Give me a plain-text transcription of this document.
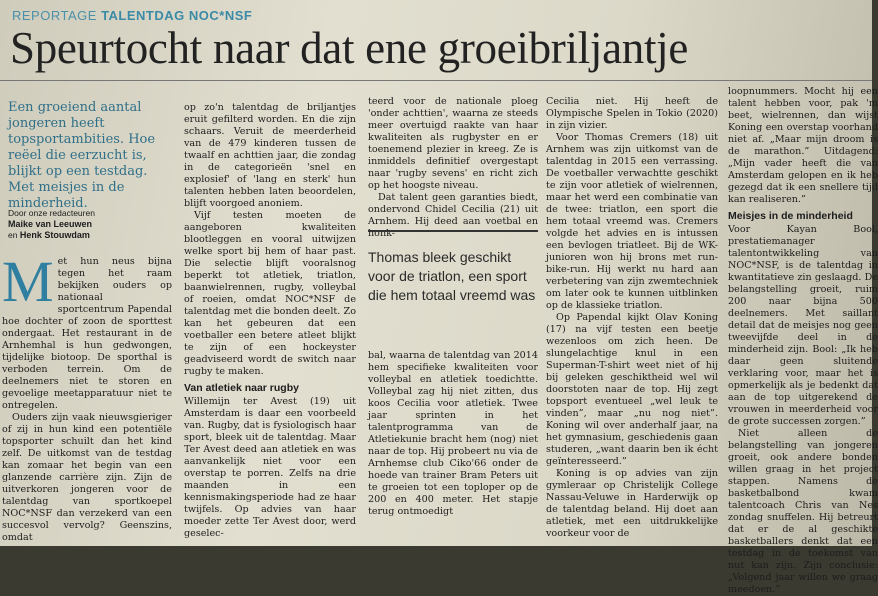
REPORTAGE TALENTDAG NOC*NSF
Speurtocht naar dat ene groeibriljantje
Een groeiend aantal jongeren heeft topsportambities. Hoe reëel die eerzucht is, blijkt op een testdag. Met meisjes in de minderheid.
Door onze redacteuren
Maike van Leeuwen
en Henk Stouwdam

Met hun neus bijna tegen het raam bekijken ouders op nationaal sportcentrum Papendal hoe dochter of zoon de sporttest ondergaat. Het restaurant in de Arnhemhal is hun gedwongen, tijdelijke biotoop. De sporthal is verboden terrein. Om de deelnemers niet te storen en gevoelige meetapparatuur niet te ontregelen.

Ouders zijn vaak nieuwsgieriger of zij in hun kind een potentiële topsporter schuilt dan het kind zelf. De uitkomst van de testdag kan zomaar het begin van een glanzende carrière zijn. Zijn de uitverkoren jongeren voor de talentdag van sportkoepel NOC*NSF dan verzekerd van een succesvol vervolg? Geenszins, omdat

op zo'n talentdag de briljantjes eruit gefilterd worden. En die zijn schaars. Veruit de meerderheid van de 479 kinderen tussen de twaalf en achttien jaar, die zondag in de categorieën 'snel en explosief' of 'lang en sterk' hun talenten hebben laten beoordelen, blijft voorgoed anoniem.

Vijf testen moeten de aangeboren kwaliteiten blootleggen en vooral uitwijzen welke sport bij hem of haar past. Die selectie blijft vooralsnog beperkt tot atletiek, triatlon, baanwielrennen, rugby, volleybal of roeien, omdat NOC*NSF de talentdag met die bonden deelt. Zo kan het gebeuren dat een voetballer een betere atleet blijkt te zijn of een hockeyster geadviseerd wordt de switch naar rugby te maken.

Van atletiek naar rugby

Willemijn ter Avest (19) uit Amsterdam is daar een voorbeeld van. Rugby, dat is fysiologisch haar sport, bleek uit de talentdag. Maar Ter Avest deed aan atletiek en was aanvankelijk niet voor een overstap te porren. Zelfs na drie maanden in een kennismakingsperiode had ze haar twijfels. Op advies van haar moeder zette Ter Avest door, werd geselec-

teerd voor de nationale ploeg 'onder achttien', waarna ze steeds meer overtuigd raakte van haar kwaliteiten als rugbyster en er toenemend plezier in kreeg. Ze is inmiddels definitief overgestapt naar 'rugby sevens' en richt zich op het hoogste niveau.

Dat talent geen garanties biedt, ondervond Chidel Cecilia (21) uit Arnhem. Hij deed aan voetbal en honk-

Thomas bleek geschikt voor de triatlon, een sport die hem totaal vreemd was

bal, waarna de talentdag van 2014 hem specifieke kwaliteiten voor volleybal en atletiek toedichtte. Volleybal zag hij niet zitten, dus koos Cecilia voor atletiek. Twee jaar sprinten in het talentprogramma van de Atletiekunie bracht hem (nog) niet naar de top. Hij probeert nu via de Arnhemse club Ciko'66 onder de hoede van trainer Bram Peters uit te groeien tot een toploper op de 200 en 400 meter. Het stapje terug ontmoedigt

Cecilia niet. Hij heeft de Olympische Spelen in Tokio (2020) in zijn vizier.

Voor Thomas Cremers (18) uit Arnhem was zijn uitkomst van de talentdag in 2015 een verrassing. De voetballer verwachtte geschikt te zijn voor atletiek of wielrennen, maar het werd een combinatie van de twee: triatlon, een sport die hem totaal vreemd was. Cremers volgde het advies en is intussen een bevlogen triatleet. Bij de WK-junioren won hij brons met run-bike-run. Hij werkt nu hard aan verbetering van zijn zwemtechniek om later ook te kunnen uitblinken op de klassieke triatlon.

Op Papendal kijkt Olav Koning (17) na vijf testen een beetje wezenloos om zich heen. De slungelachtige knul in een Superman-T-shirt weet niet of hij bij geleken geschiktheid wel wil doorstoten naar de top. Hij zegt topsport eventueel „wel leuk te vinden”, maar „nu nog niet”. Koning wil over anderhalf jaar, na het gymnasium, geschiedenis gaan studeren, „want daarin ben ik écht geïnteresseerd.”

Koning is op advies van zijn gymleraar op Christelijk College Nassau-Veluwe in Harderwijk op de talentdag beland. Hij doet aan atletiek, met een uitdrukkelijke voorkeur voor de

loopnummers. Mocht hij een talent hebben voor, pak 'm beet, wielrennen, dan wijst Koning een overstap voorhand niet af. „Maar mijn droom is de marathon.” Uitdagend: „Mijn vader heeft die van Amsterdam gelopen en ik heb gezegd dat ik een snellere tijd kan realiseren.”

Meisjes in de minderheid

Voor Kayan Bool, prestatiemanager talentontwikkeling van NOC*NSF, is de talentdag in kwantitatieve zin geslaagd. De belangstelling groeit, ruim 200 naar bijna 500 deelnemers. Met saillant detail dat de meisjes nog geen tweevijfde deel in de minderheid zijn. Bool: „Ik heb daar geen sluitende verklaring voor, maar het is opmerkelijk als je bedenkt dat aan de top uitgerekend de vrouwen in meerderheid voor de grote successen zorgen.”

Niet alleen de belangstelling van jongeren groeit, ook andere bonden willen graag in het project stappen. Namens de basketbalbond kwam talentcoach Chris van Nes zondag snuffelen. Hij betreurt dat er de al geschikte basketballers denkt dat een testdag in de toekomst van nut kan zijn. Zijn conclusie: „Volgend jaar willen we graag meedoen.”
